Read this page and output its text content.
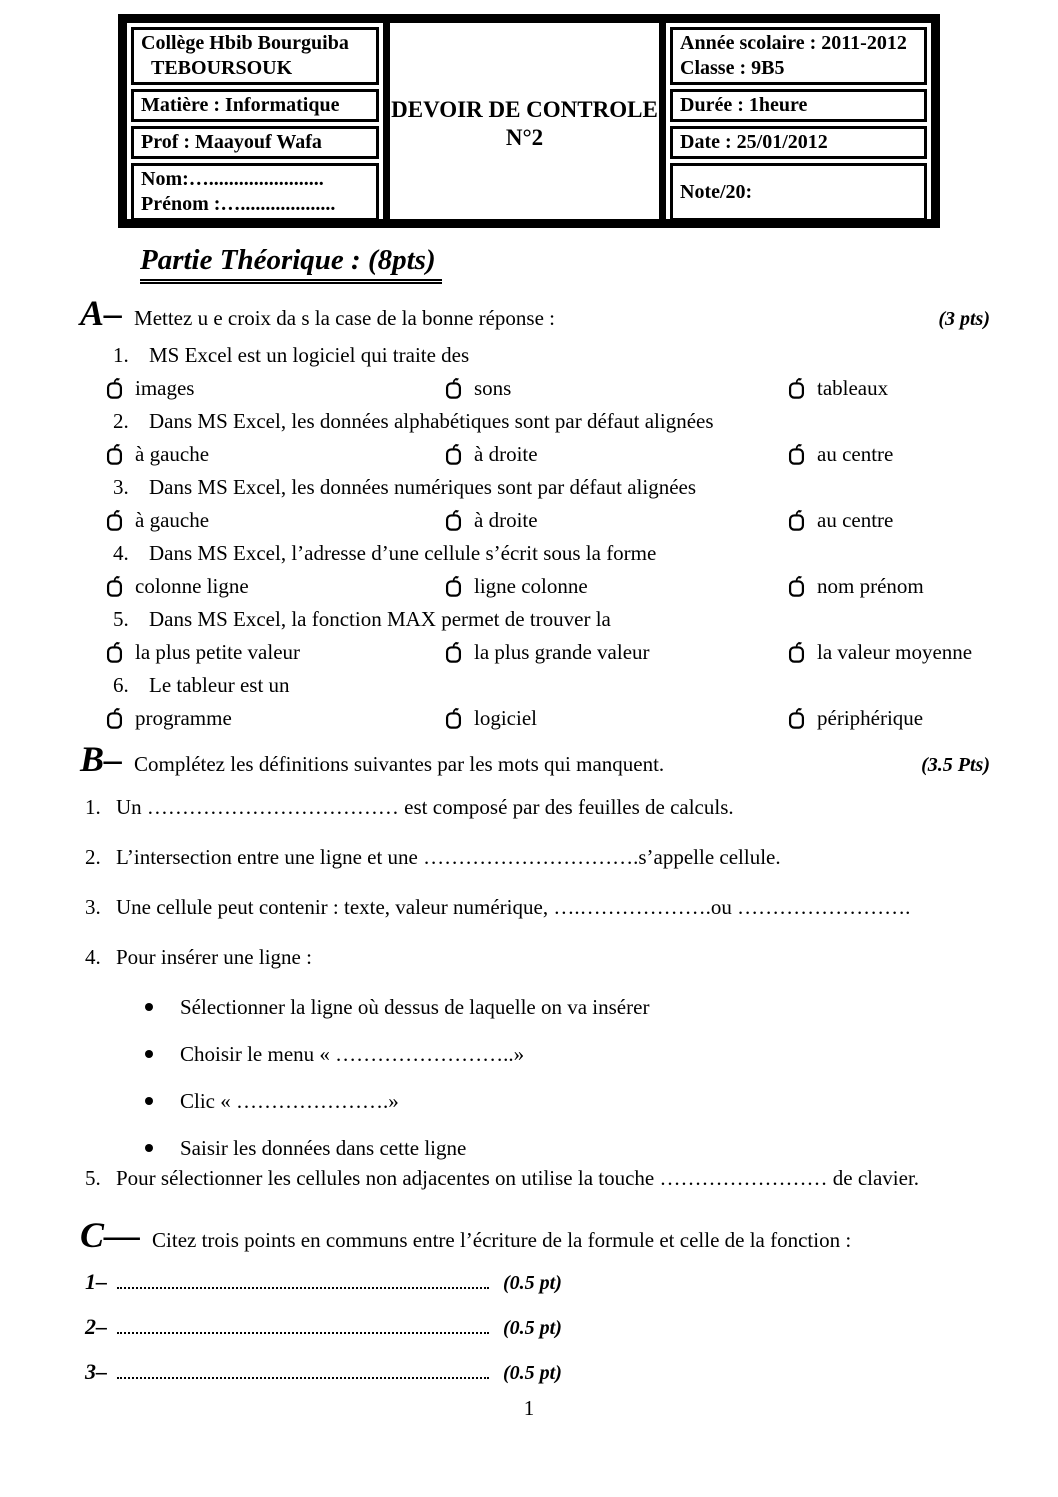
Collège Hbib Bourguiba
TEBOURSOUK
Matière : Informatique
Prof : Maayouf Wafa
Nom:….......................
Prénom :…...................
DEVOIR DE CONTROLE
N°2
Année scolaire : 2011-2012
Classe : 9B5
Durée : 1heure
Date : 25/01/2012
Note/20:
Partie Théorique : (8pts)
A– Mettez u e croix da s la case de la bonne réponse :	(3 pts)
1. MS Excel est un logiciel qui traite des
images	sons	tableaux
2. Dans MS Excel, les données alphabétiques sont par défaut alignées
à gauche	à droite	au centre
3. Dans MS Excel, les données numériques sont par défaut alignées
à gauche	à droite	au centre
4. Dans MS Excel, l’adresse d’une cellule s’écrit sous la forme
colonne ligne	ligne colonne	nom prénom
5. Dans MS Excel, la fonction MAX permet de trouver la
la plus petite valeur	la plus grande valeur	la valeur moyenne
6. Le tableur est un
programme	logiciel	périphérique
B– Complétez les définitions suivantes par les mots qui manquent.	(3.5 Pts)
1. Un ……………………………… est composé par des feuilles de calculs.
2. L’intersection entre une ligne et une ………………………….s’appelle cellule.
3. Une cellule peut contenir : texte, valeur numérique, ….……………….ou …………………….
4. Pour insérer une ligne :
Sélectionner la ligne où dessus de laquelle on va insérer
Choisir le menu « ……………………..»
Clic « ………………….»
Saisir les données dans cette ligne
5. Pour sélectionner les cellules non adjacentes on utilise la touche …………………… de clavier.
C— Citez trois points en communs entre l’écriture de la formule et celle de la fonction :
1–	(0.5 pt)
2–	(0.5 pt)
3–	(0.5 pt)
1
